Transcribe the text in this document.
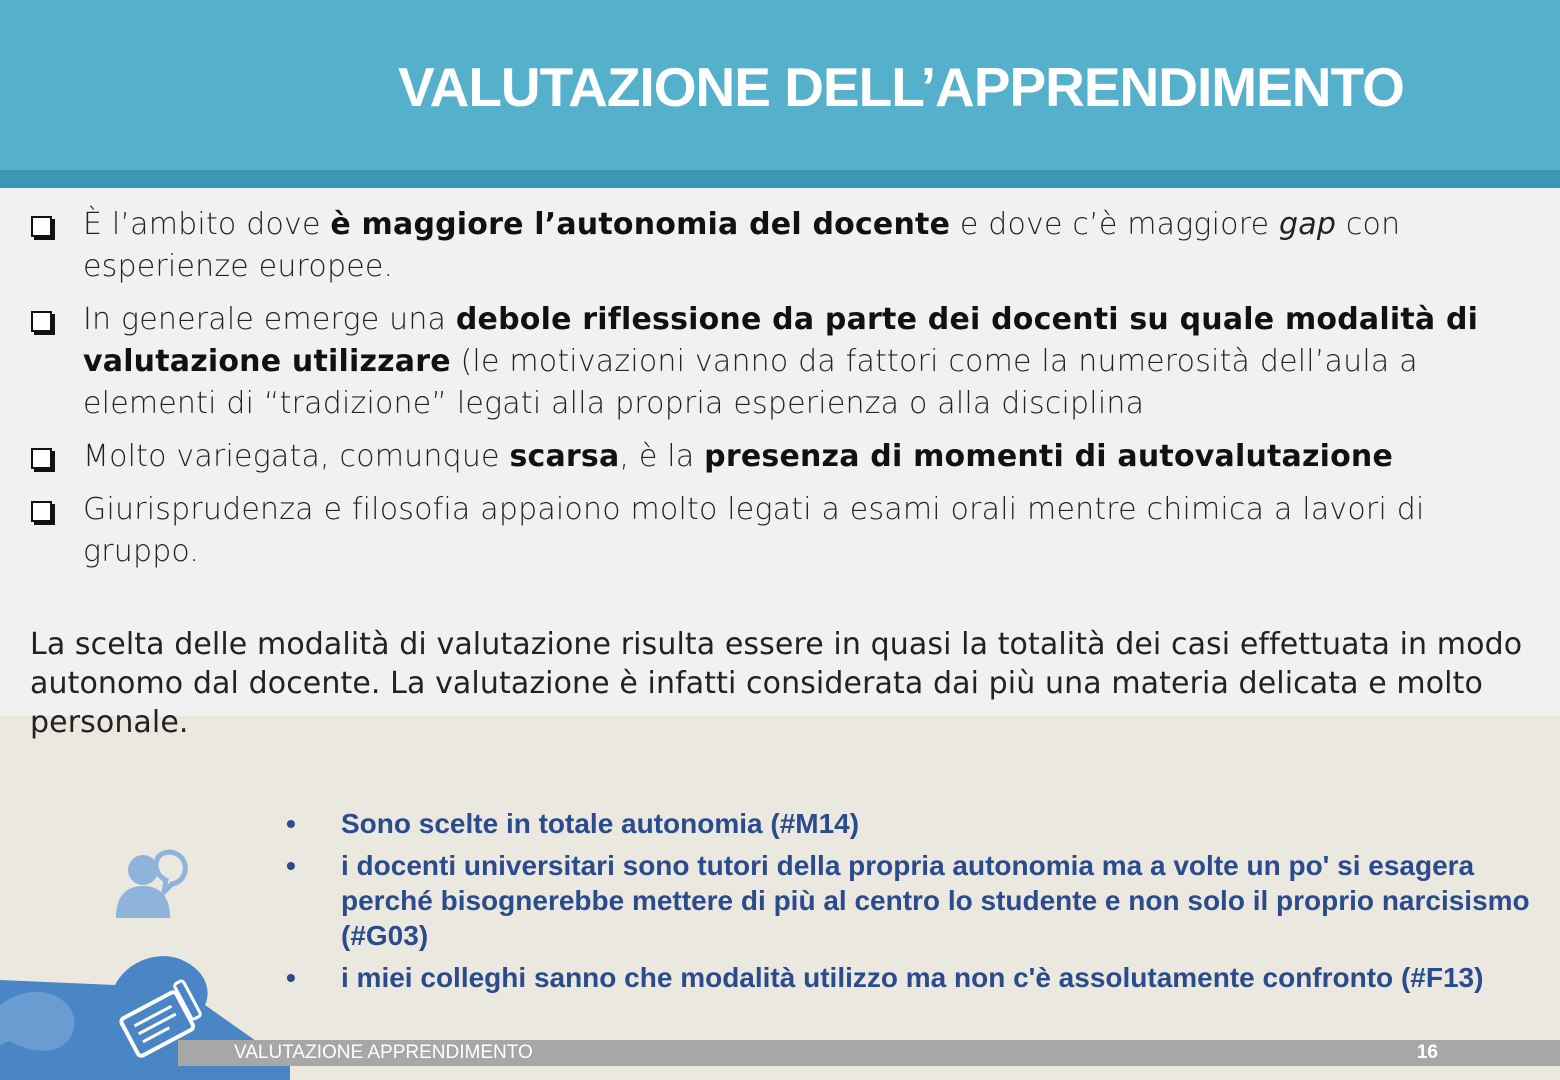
VALUTAZIONE DELL’APPRENDIMENTO
È l’ambito dove è maggiore l’autonomia del docente e dove c’è maggiore gap con esperienze europee.
In generale emerge una debole riflessione da parte dei docenti su quale modalità di valutazione utilizzare (le motivazioni vanno da fattori come la numerosità dell’aula a elementi di “tradizione” legati alla propria esperienza o alla disciplina
Molto variegata, comunque scarsa, è la presenza di momenti di autovalutazione
Giurisprudenza e filosofia appaiono molto legati a esami orali mentre chimica a lavori di gruppo.

La scelta delle modalità di valutazione risulta essere in quasi la totalità dei casi effettuata in modo autonomo dal docente. La valutazione è infatti considerata dai più una materia delicata e molto personale.

• Sono scelte in totale autonomia (#M14)
• i docenti universitari sono tutori della propria autonomia ma a volte un po' si esagera perché bisognerebbe mettere di più al centro lo studente e non solo il proprio narcisismo (#G03)
• i miei colleghi sanno che modalità utilizzo ma non c'è assolutamente confronto (#F13)
VALUTAZIONE APPRENDIMENTO	16
